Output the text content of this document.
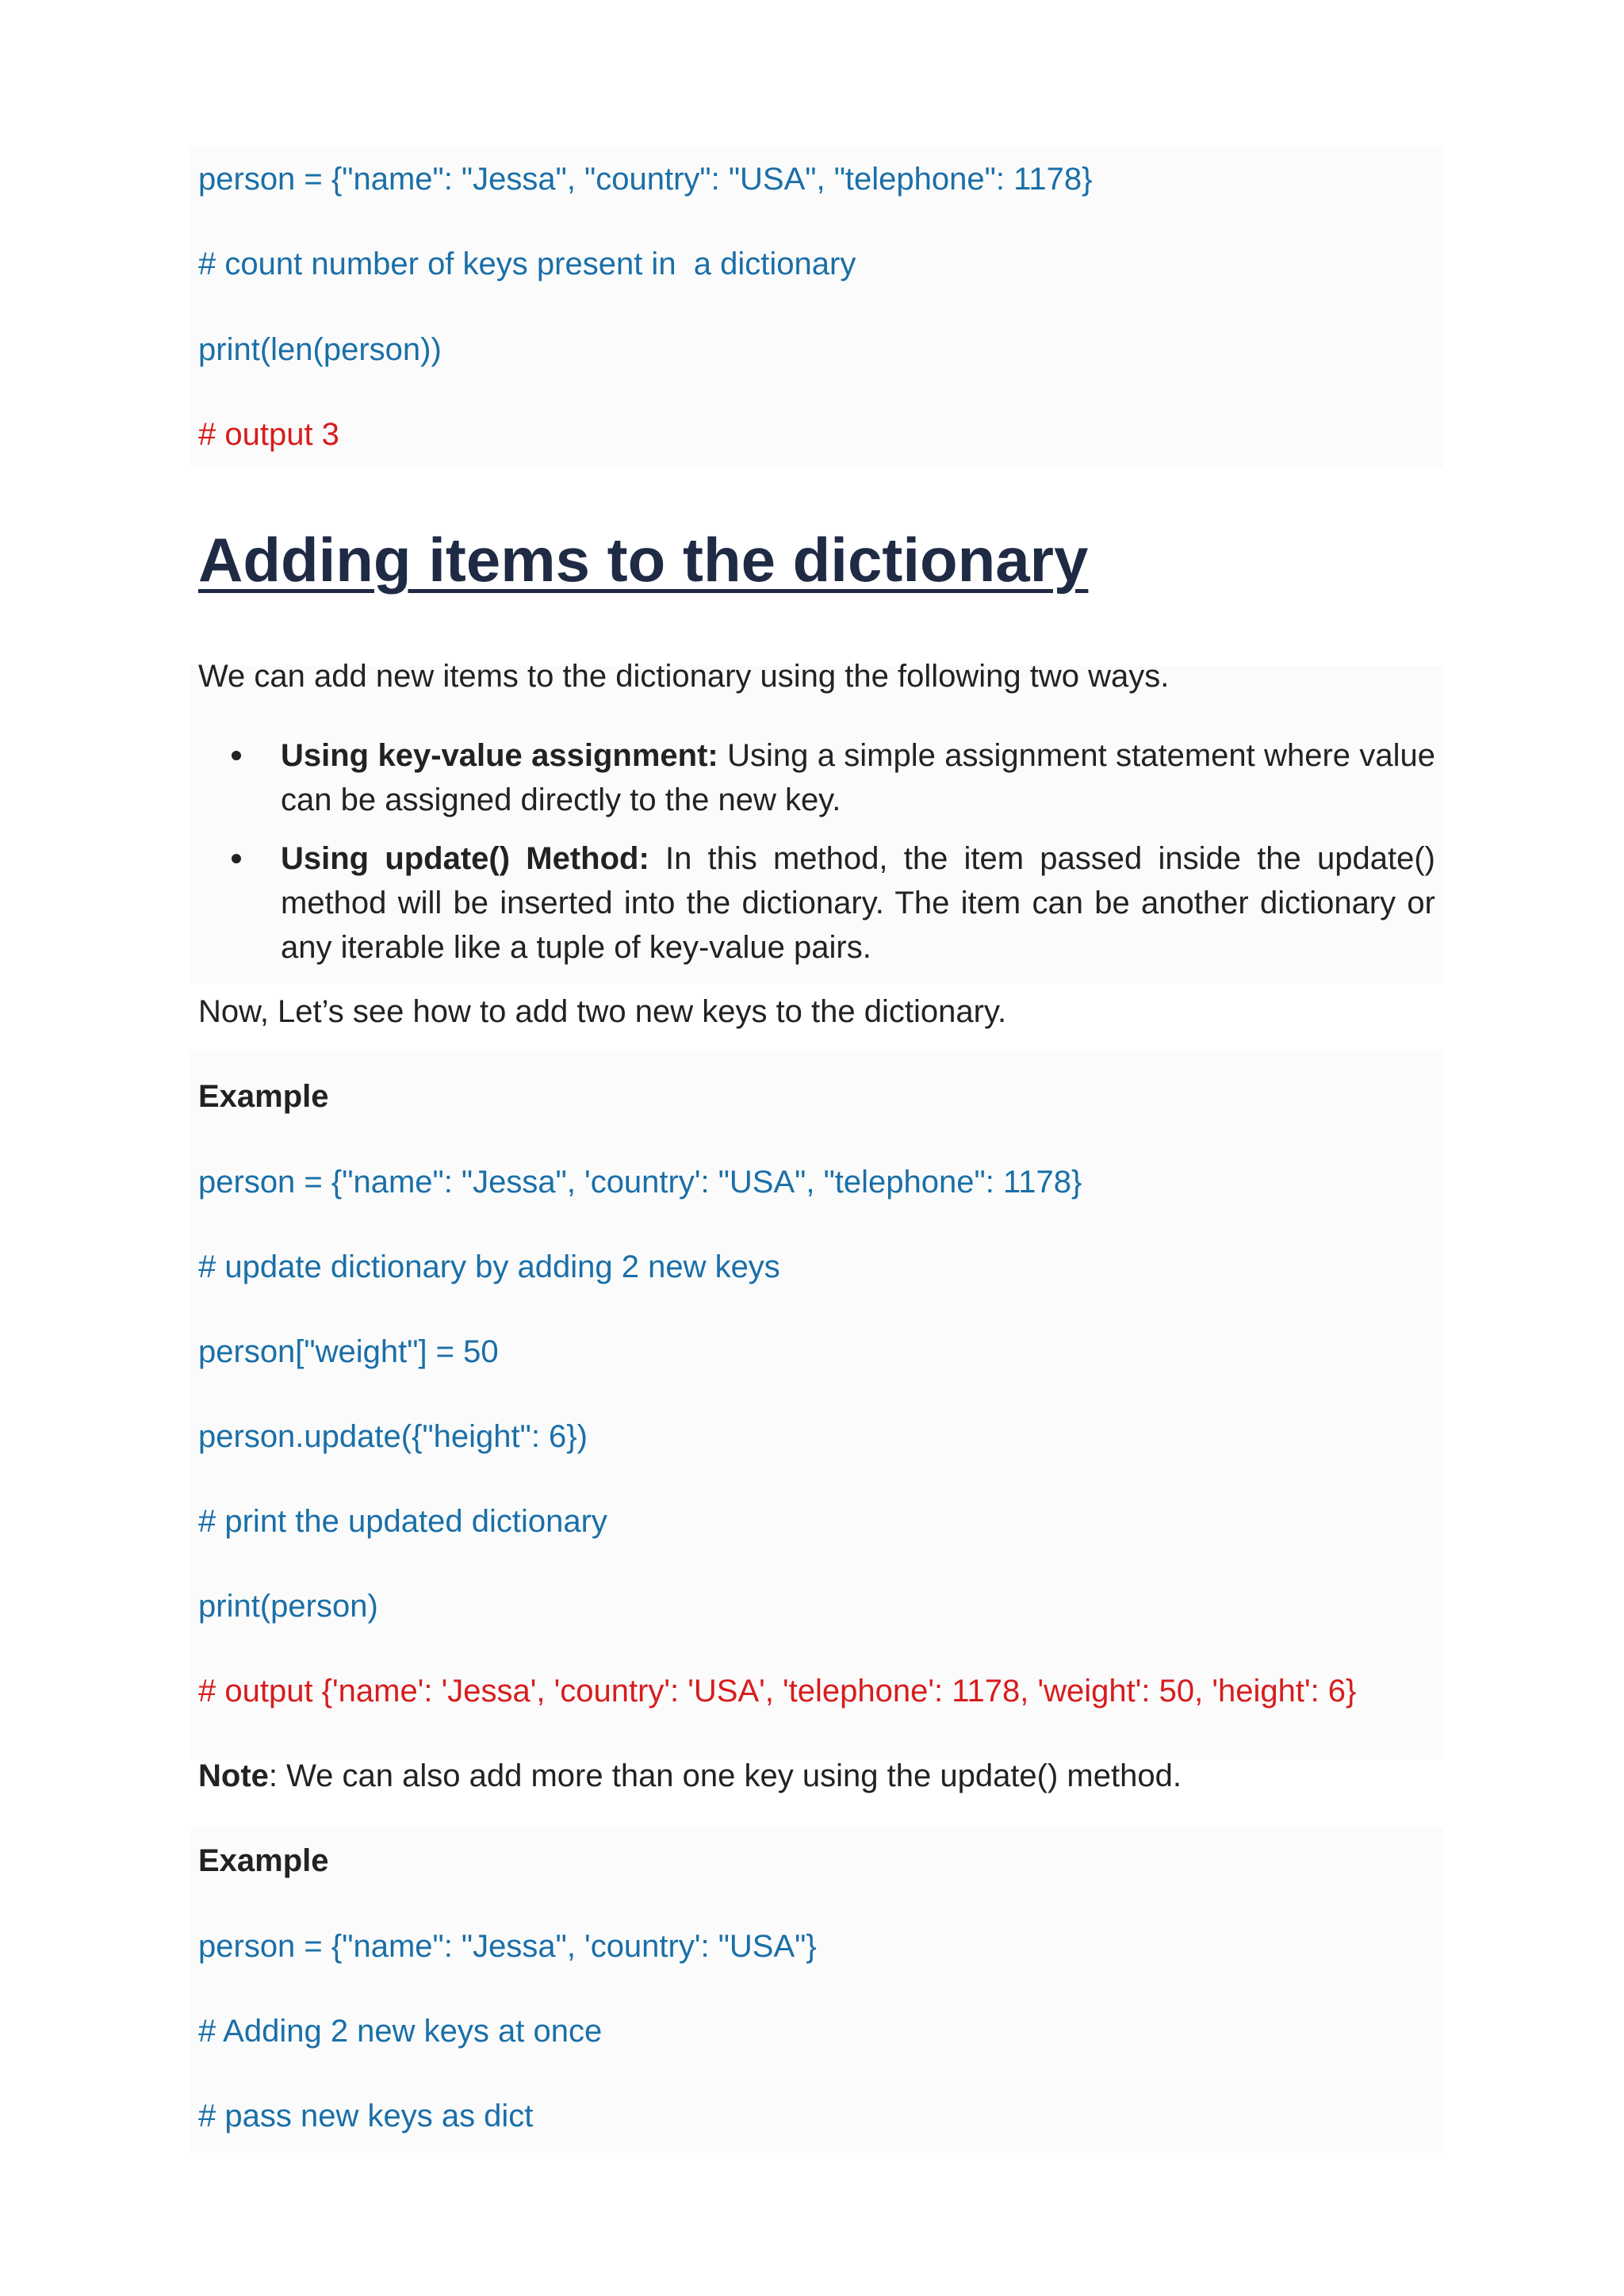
person = {"name": "Jessa", "country": "USA", "telephone": 1178}
# count number of keys present in  a dictionary
print(len(person))
# output 3
Adding items to the dictionary
We can add new items to the dictionary using the following two ways.
Using key-value assignment: Using a simple assignment statement where value can be assigned directly to the new key.
Using update() Method: In this method, the item passed inside the update() method will be inserted into the dictionary. The item can be another dictionary or any iterable like a tuple of key-value pairs.
Now, Let’s see how to add two new keys to the dictionary.
Example
person = {"name": "Jessa", 'country': "USA", "telephone": 1178}
# update dictionary by adding 2 new keys
person["weight"] = 50
person.update({"height": 6})
# print the updated dictionary
print(person)
# output {'name': 'Jessa', 'country': 'USA', 'telephone': 1178, 'weight': 50, 'height': 6}
Note: We can also add more than one key using the update() method.
Example
person = {"name": "Jessa", 'country': "USA"}
# Adding 2 new keys at once
# pass new keys as dict
